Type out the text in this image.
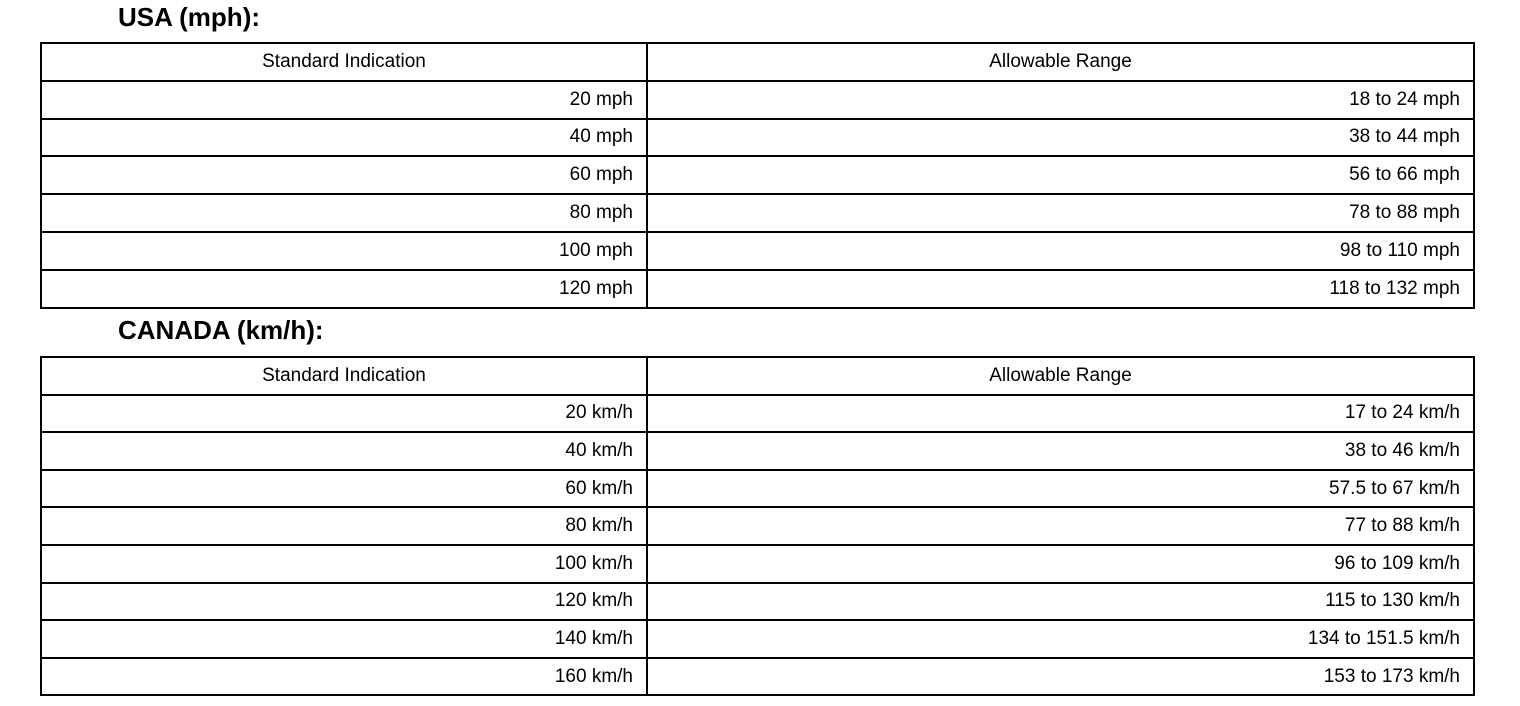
USA (mph):
Standard Indication	Allowable Range
20 mph	18 to 24 mph
40 mph	38 to 44 mph
60 mph	56 to 66 mph
80 mph	78 to 88 mph
100 mph	98 to 110 mph
120 mph	118 to 132 mph
CANADA (km/h):
Standard Indication	Allowable Range
20 km/h	17 to 24 km/h
40 km/h	38 to 46 km/h
60 km/h	57.5 to 67 km/h
80 km/h	77 to 88 km/h
100 km/h	96 to 109 km/h
120 km/h	115 to 130 km/h
140 km/h	134 to 151.5 km/h
160 km/h	153 to 173 km/h
